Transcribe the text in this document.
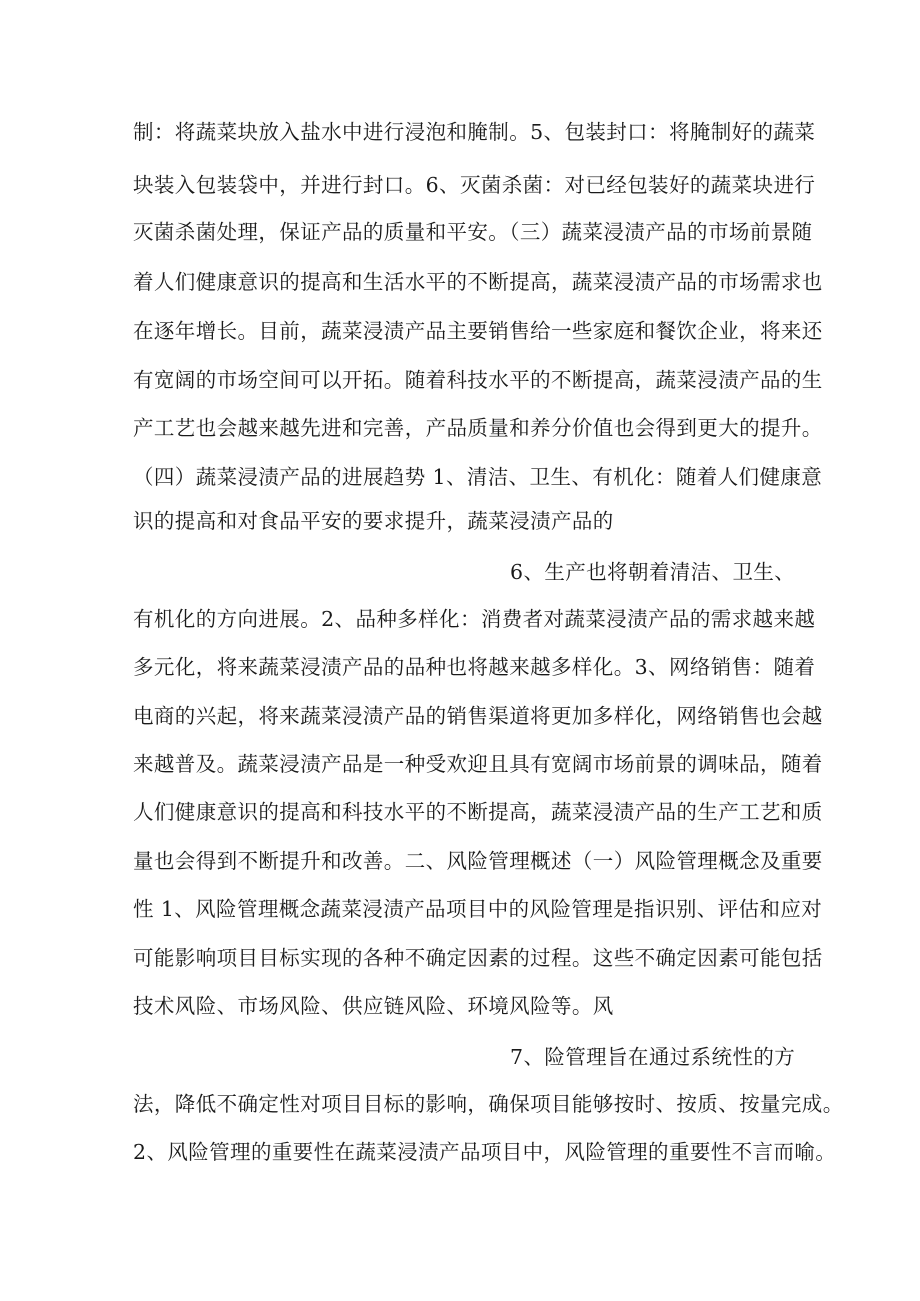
制：将蔬菜块放入盐水中进行浸泡和腌制。5、包装封口：将腌制好的蔬菜
块装入包装袋中，并进行封口。6、灭菌杀菌：对已经包装好的蔬菜块进行
灭菌杀菌处理，保证产品的质量和平安。（三）蔬菜浸渍产品的市场前景随
着人们健康意识的提高和生活水平的不断提高，蔬菜浸渍产品的市场需求也
在逐年增长。目前，蔬菜浸渍产品主要销售给一些家庭和餐饮企业，将来还
有宽阔的市场空间可以开拓。随着科技水平的不断提高，蔬菜浸渍产品的生
产工艺也会越来越先进和完善，产品质量和养分价值也会得到更大的提升。
（四）蔬菜浸渍产品的进展趋势 1、清洁、卫生、有机化：随着人们健康意
识的提高和对食品平安的要求提升，蔬菜浸渍产品的
6、生产也将朝着清洁、卫生、
有机化的方向进展。2、品种多样化：消费者对蔬菜浸渍产品的需求越来越
多元化，将来蔬菜浸渍产品的品种也将越来越多样化。3、网络销售：随着
电商的兴起，将来蔬菜浸渍产品的销售渠道将更加多样化，网络销售也会越
来越普及。蔬菜浸渍产品是一种受欢迎且具有宽阔市场前景的调味品，随着
人们健康意识的提高和科技水平的不断提高，蔬菜浸渍产品的生产工艺和质
量也会得到不断提升和改善。二、风险管理概述（一）风险管理概念及重要
性 1、风险管理概念蔬菜浸渍产品项目中的风险管理是指识别、评估和应对
可能影响项目目标实现的各种不确定因素的过程。这些不确定因素可能包括
技术风险、市场风险、供应链风险、环境风险等。风
7、险管理旨在通过系统性的方
法，降低不确定性对项目目标的影响，确保项目能够按时、按质、按量完成。
2、风险管理的重要性在蔬菜浸渍产品项目中，风险管理的重要性不言而喻。
